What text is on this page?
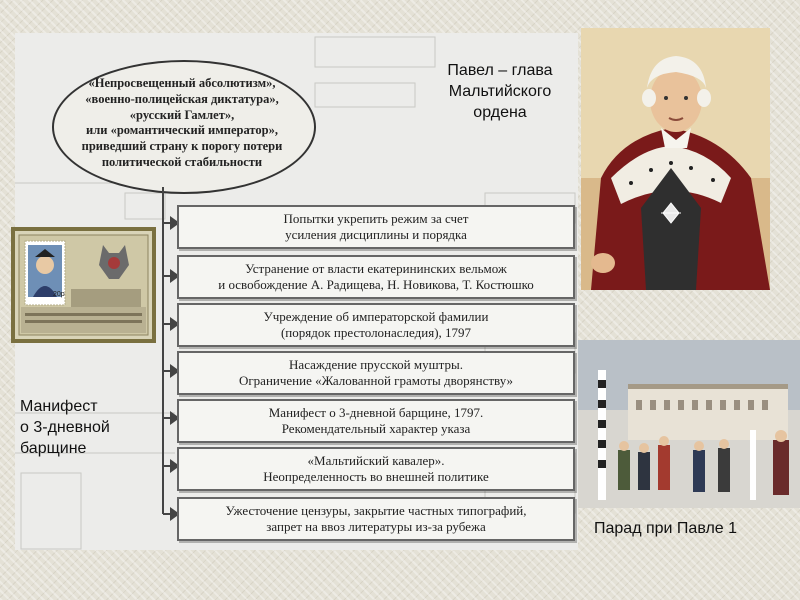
«Непросвещенный абсолютизм»,
«военно-полицейская диктатура»,
«русский Гамлет»,
или «романтический император»,
приведший страну к порогу потери
политической стабильности
Попытки укрепить режим за счет
усиления дисциплины и порядка
Устранение от власти екатерининских вельмож
и освобождение А. Радищева, Н. Новикова, Т. Костюшко
Учреждение об императорской фамилии
(порядок престолонаследия), 1797
Насаждение прусской муштры.
Ограничение «Жалованной грамоты дворянству»
Манифест о 3-дневной барщине, 1797.
Рекомендательный характер указа
«Мальтийский кавалер».
Неопределенность во внешней политике
Ужесточение цензуры, закрытие частных типографий,
запрет на ввоз литературы из-за рубежа
20p
Павел – глава
Мальтийского
ордена
Парад при Павле 1
Манифест
о 3-дневной
барщине
